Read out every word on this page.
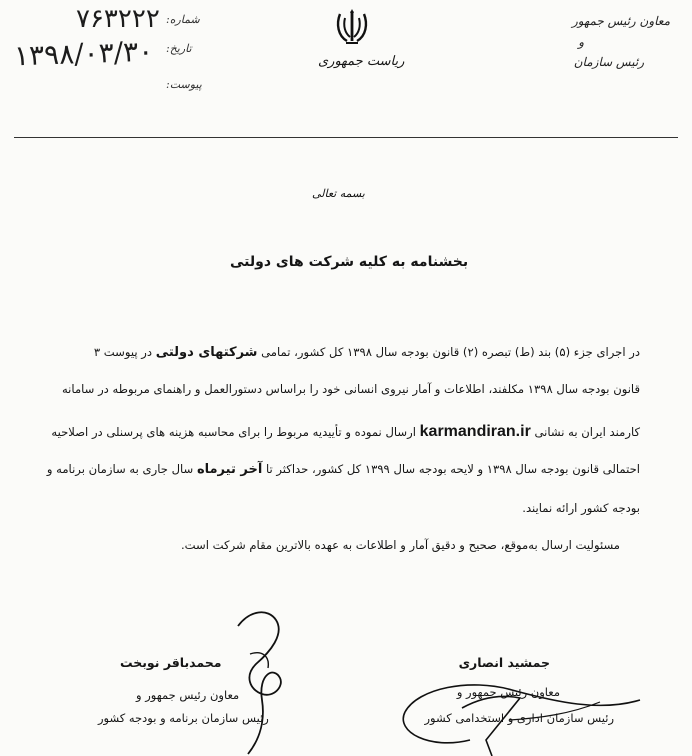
معاون رئیس جمهور
و
رئیس سازمان
ریاست جمهوری
شماره:
تاریخ:
پیوست:
۷۶۳۲۲۲
۱۳۹۸/۰۳/۳۰
بسمه تعالی
بخشنامه به کلیه شرکت های دولتی
در اجرای جزء (۵) بند (ط) تبصره (۲) قانون بودجه سال ۱۳۹۸ کل کشور، تمامی شرکتهای دولتی در پیوست ۳
قانون بودجه سال ۱۳۹۸ مکلفند، اطلاعات و آمار نیروی انسانی خود را براساس دستورالعمل و راهنمای مربوطه در سامانه
کارمند ایران به نشانی karmandiran.ir ارسال نموده و تأییدیه مربوط را برای محاسبه هزینه های پرسنلی در اصلاحیه
احتمالی قانون بودجه سال ۱۳۹۸ و لایحه بودجه سال ۱۳۹۹ کل کشور، حداکثر تا آخر تیرماه سال جاری به سازمان برنامه و
بودجه کشور ارائه نمایند.
مسئولیت ارسال به‌موقع، صحیح و دقیق آمار و اطلاعات به عهده بالاترین مقام شرکت است.
جمشید انصاری
معاون رئیس جمهور و
رئیس سازمان اداری و استخدامی کشور
محمدباقر نوبخت
معاون رئیس جمهور و
رئیس سازمان برنامه و بودجه کشور
